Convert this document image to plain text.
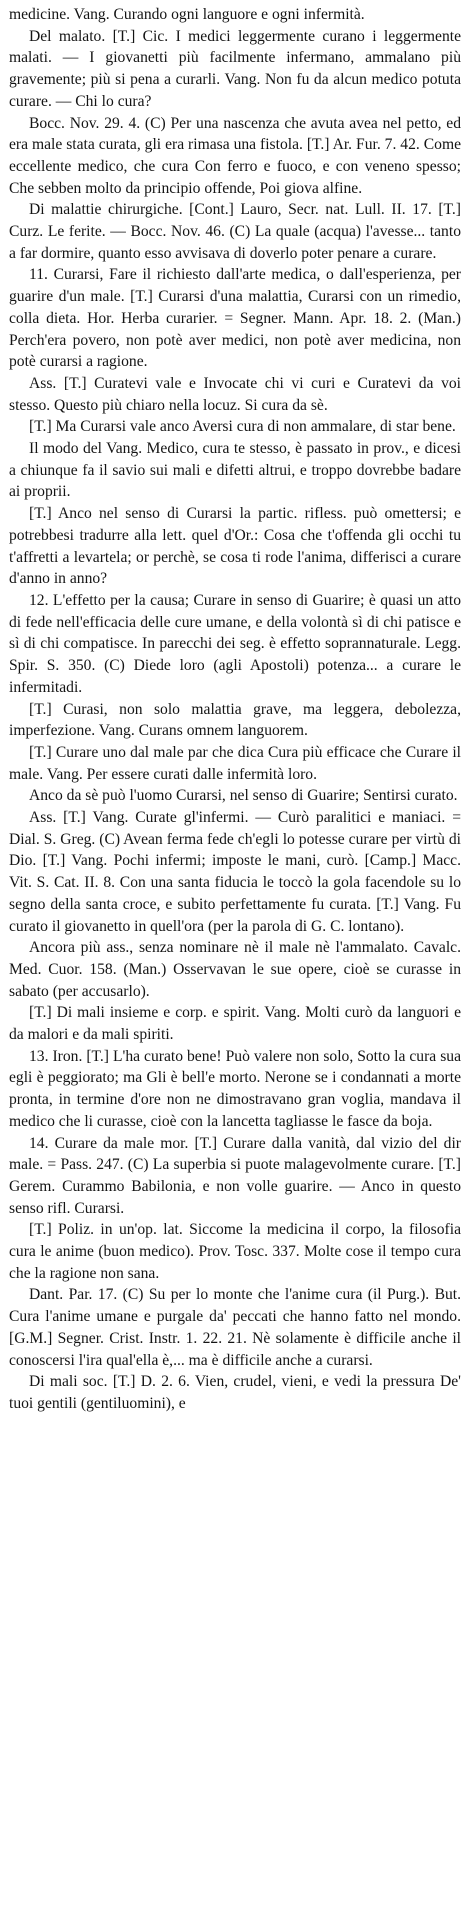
medicine. Vang. Curando ogni languore e ogni infermità.

Del malato. [T.] Cic. I medici leggermente curano i leggermente malati. — I giovanetti più facilmente infermano, ammalano più gravemente; più si pena a curarli. Vang. Non fu da alcun medico potuta curare. — Chi lo cura?

Bocc. Nov. 29. 4. (C) Per una nascenza che avuta avea nel petto, ed era male stata curata, gli era rimasa una fistola. [T.] Ar. Fur. 7. 42. Come eccellente medico, che cura Con ferro e fuoco, e con veneno spesso; Che sebben molto da principio offende, Poi giova alfine.

Di malattie chirurgiche. [Cont.] Lauro, Secr. nat. Lull. II. 17. [T.] Curz. Le ferite. — Bocc. Nov. 46. (C) La quale (acqua) l'avesse... tanto a far dormire, quanto esso avvisava di doverlo poter penare a curare.

11. Curarsi, Fare il richiesto dall'arte medica, o dall'esperienza, per guarire d'un male. [T.] Curarsi d'una malattia, Curarsi con un rimedio, colla dieta. Hor. Herba curarier. = Segner. Mann. Apr. 18. 2. (Man.) Perch'era povero, non potè aver medici, non potè aver medicina, non potè curarsi a ragione.

Ass. [T.] Curatevi vale e Invocate chi vi curi e Curatevi da voi stesso. Questo più chiaro nella locuz. Si cura da sè.

[T.] Ma Curarsi vale anco Aversi cura di non ammalare, di star bene.

Il modo del Vang. Medico, cura te stesso, è passato in prov., e dicesi a chiunque fa il savio sui mali e difetti altrui, e troppo dovrebbe badare ai proprii.

[T.] Anco nel senso di Curarsi la partic. rifless. può omettersi; e potrebbesi tradurre alla lett. quel d'Or.: Cosa che t'offenda gli occhi tu t'affretti a levartela; or perchè, se cosa ti rode l'anima, differisci a curare d'anno in anno?

12. L'effetto per la causa; Curare in senso di Guarire; è quasi un atto di fede nell'efficacia delle cure umane, e della volontà sì di chi patisce e sì di chi compatisce. In parecchi dei seg. è effetto soprannaturale. Legg. Spir. S. 350. (C) Diede loro (agli Apostoli) potenza... a curare le infermitadi.

[T.] Curasi, non solo malattia grave, ma leggera, debolezza, imperfezione. Vang. Curans omnem languorem.

[T.] Curare uno dal male par che dica Cura più efficace che Curare il male. Vang. Per essere curati dalle infermità loro.

Anco da sè può l'uomo Curarsi, nel senso di Guarire; Sentirsi curato.

Ass. [T.] Vang. Curate gl'infermi. — Curò paralitici e maniaci. = Dial. S. Greg. (C) Avean ferma fede ch'egli lo potesse curare per virtù di Dio. [T.] Vang. Pochi infermi; imposte le mani, curò. [Camp.] Macc. Vit. S. Cat. II. 8. Con una santa fiducia le toccò la gola facendole su lo segno della santa croce, e subito perfettamente fu curata. [T.] Vang. Fu curato il giovanetto in quell'ora (per la parola di G. C. lontano).

Ancora più ass., senza nominare nè il male nè l'ammalato. Cavalc. Med. Cuor. 158. (Man.) Osservavan le sue opere, cioè se curasse in sabato (per accusarlo).

[T.] Di mali insieme e corp. e spirit. Vang. Molti curò da languori e da malori e da mali spiriti.

13. Iron. [T.] L'ha curato bene! Può valere non solo, Sotto la cura sua egli è peggiorato; ma Gli è bell'e morto. Nerone se i condannati a morte pronta, in termine d'ore non ne dimostravano gran voglia, mandava il medico che li curasse, cioè con la lancetta tagliasse le fasce da boja.

14. Curare da male mor. [T.] Curare dalla vanità, dal vizio del dir male. = Pass. 247. (C) La superbia si puote malagevolmente curare. [T.] Gerem. Curammo Babilonia, e non volle guarire. — Anco in questo senso rifl. Curarsi.

[T.] Poliz. in un'op. lat. Siccome la medicina il corpo, la filosofia cura le anime (buon medico). Prov. Tosc. 337. Molte cose il tempo cura che la ragione non sana.

Dant. Par. 17. (C) Su per lo monte che l'anime cura (il Purg.). But. Cura l'anime umane e purgale da' peccati che hanno fatto nel mondo. [G.M.] Segner. Crist. Instr. 1. 22. 21. Nè solamente è difficile anche il conoscersi l'ira qual'ella è,... ma è difficile anche a curarsi.

Di mali soc. [T.] D. 2. 6. Vien, crudel, vieni, e vedi la pressura De' tuoi gentili (gentiluomini), e
